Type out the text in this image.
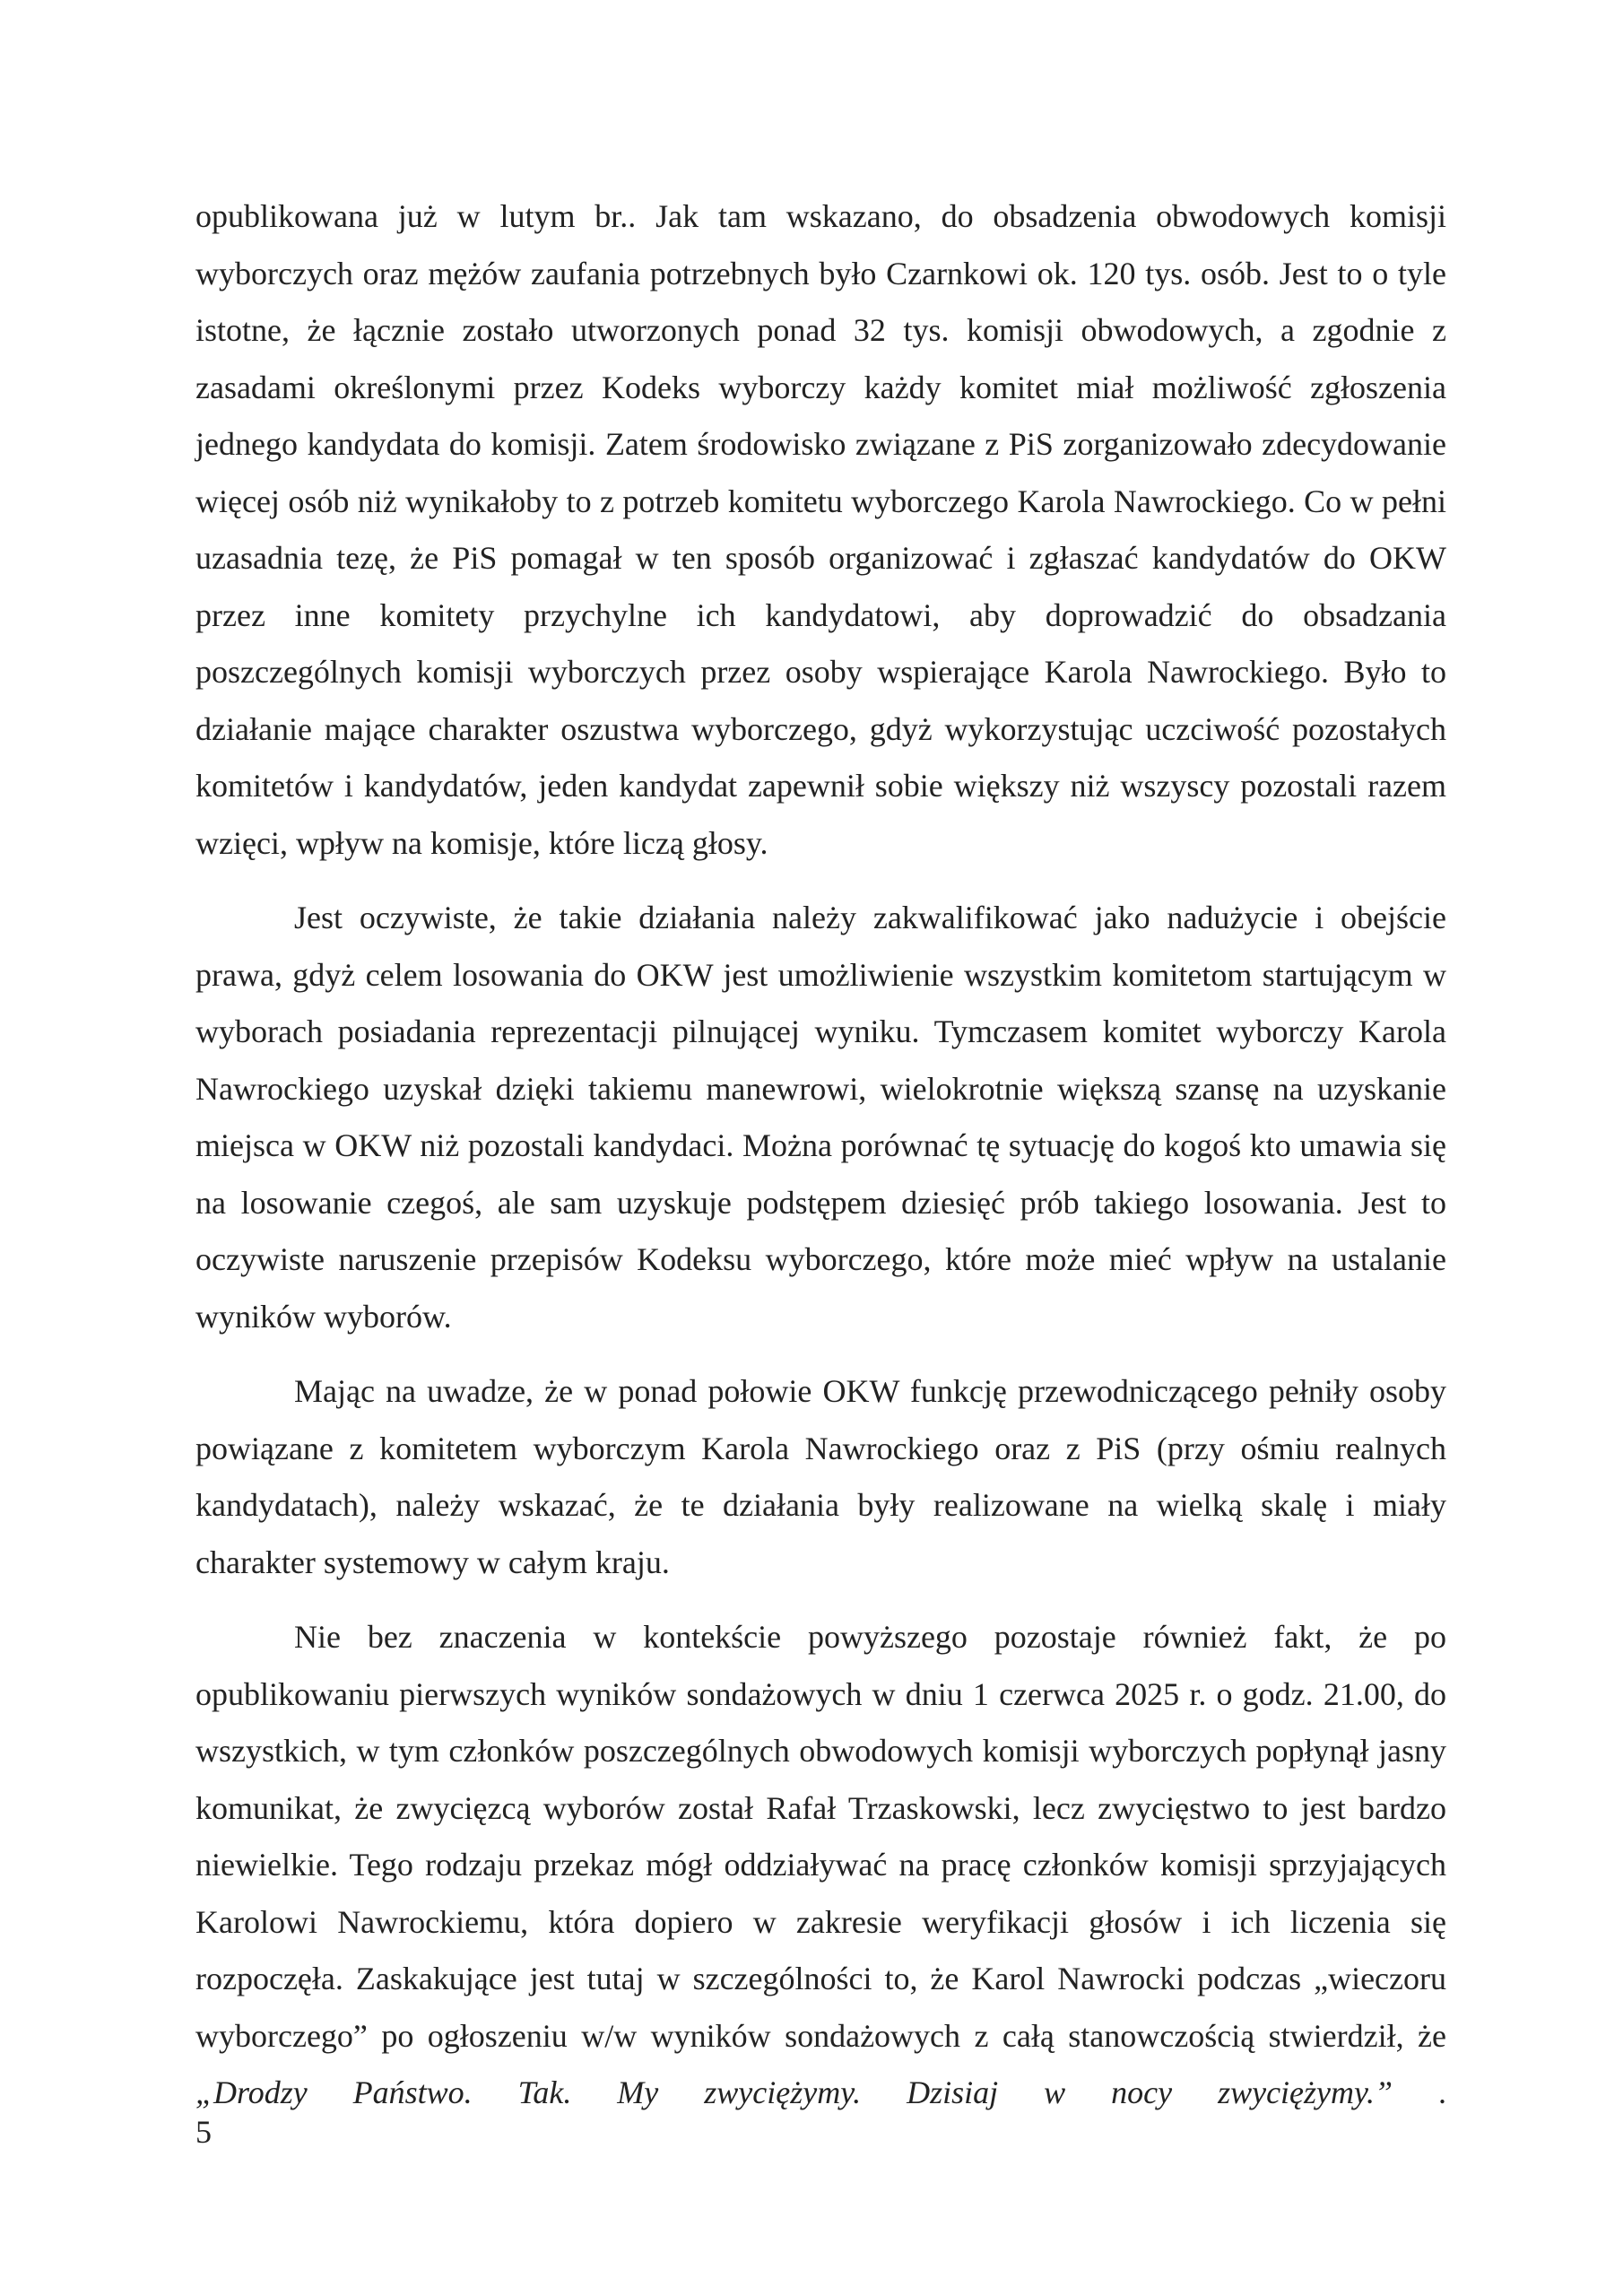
opublikowana już w lutym br.. Jak tam wskazano, do obsadzenia obwodowych komisji wyborczych oraz mężów zaufania potrzebnych było Czarnkowi ok. 120 tys. osób. Jest to o tyle istotne, że łącznie zostało utworzonych ponad 32 tys. komisji obwodowych, a zgodnie z zasadami określonymi przez Kodeks wyborczy każdy komitet miał możliwość zgłoszenia jednego kandydata do komisji. Zatem środowisko związane z PiS zorganizowało zdecydowanie więcej osób niż wynikałoby to z potrzeb komitetu wyborczego Karola Nawrockiego. Co w pełni uzasadnia tezę, że PiS pomagał w ten sposób organizować i zgłaszać kandydatów do OKW przez inne komitety przychylne ich kandydatowi, aby doprowadzić do obsadzania poszczególnych komisji wyborczych przez osoby wspierające Karola Nawrockiego. Było to działanie mające charakter oszustwa wyborczego, gdyż wykorzystując uczciwość pozostałych komitetów i kandydatów, jeden kandydat zapewnił sobie większy niż wszyscy pozostali razem wzięci, wpływ na komisje, które liczą głosy.

Jest oczywiste, że takie działania należy zakwalifikować jako nadużycie i obejście prawa, gdyż celem losowania do OKW jest umożliwienie wszystkim komitetom startującym w wyborach posiadania reprezentacji pilnującej wyniku. Tymczasem komitet wyborczy Karola Nawrockiego uzyskał dzięki takiemu manewrowi, wielokrotnie większą szansę na uzyskanie miejsca w OKW niż pozostali kandydaci. Można porównać tę sytuację do kogoś kto umawia się na losowanie czegoś, ale sam uzyskuje podstępem dziesięć prób takiego losowania. Jest to oczywiste naruszenie przepisów Kodeksu wyborczego, które może mieć wpływ na ustalanie wyników wyborów.

Mając na uwadze, że w ponad połowie OKW funkcję przewodniczącego pełniły osoby powiązane z komitetem wyborczym Karola Nawrockiego oraz z PiS (przy ośmiu realnych kandydatach), należy wskazać, że te działania były realizowane na wielką skalę i miały charakter systemowy w całym kraju.

Nie bez znaczenia w kontekście powyższego pozostaje również fakt, że po opublikowaniu pierwszych wyników sondażowych w dniu 1 czerwca 2025 r. o godz. 21.00, do wszystkich, w tym członków poszczególnych obwodowych komisji wyborczych popłynął jasny komunikat, że zwycięzcą wyborów został Rafał Trzaskowski, lecz zwycięstwo to jest bardzo niewielkie. Tego rodzaju przekaz mógł oddziaływać na pracę członków komisji sprzyjających Karolowi Nawrockiemu, która dopiero w zakresie weryfikacji głosów i ich liczenia się rozpoczęła. Zaskakujące jest tutaj w szczególności to, że Karol Nawrocki podczas „wieczoru wyborczego” po ogłoszeniu w/w wyników sondażowych z całą stanowczością stwierdził, że „Drodzy Państwo. Tak. My zwyciężymy. Dzisiaj w nocy zwyciężymy.” .

5
